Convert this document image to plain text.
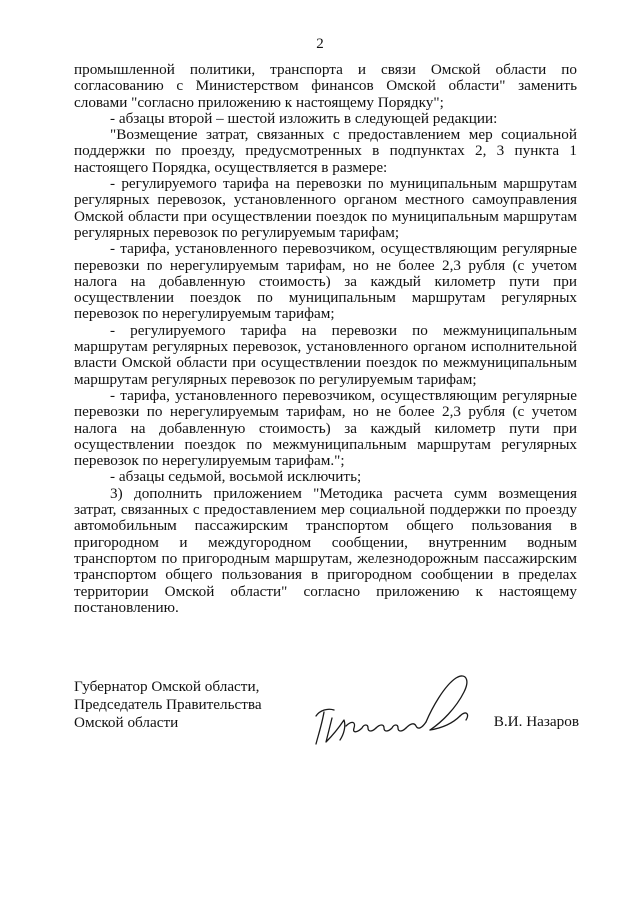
2

промышленной политики, транспорта и связи Омской области по согласованию с Министерством финансов Омской области" заменить словами "согласно приложению к настоящему Порядку";

- абзацы второй – шестой изложить в следующей редакции:

"Возмещение затрат, связанных с предоставлением мер социальной поддержки по проезду, предусмотренных в подпунктах 2, 3 пункта 1 настоящего Порядка, осуществляется в размере:

- регулируемого тарифа на перевозки по муниципальным маршрутам регулярных перевозок, установленного органом местного самоуправления Омской области при осуществлении поездок по муниципальным маршрутам регулярных перевозок по регулируемым тарифам;

- тарифа, установленного перевозчиком, осуществляющим регулярные перевозки по нерегулируемым тарифам, но не более 2,3 рубля (с учетом налога на добавленную стоимость) за каждый километр пути при осуществлении поездок по муниципальным маршрутам регулярных перевозок по нерегулируемым тарифам;

- регулируемого тарифа на перевозки по межмуниципальным маршрутам регулярных перевозок, установленного органом исполнительной власти Омской области при осуществлении поездок по межмуниципальным маршрутам регулярных перевозок по регулируемым тарифам;

- тарифа, установленного перевозчиком, осуществляющим регулярные перевозки по нерегулируемым тарифам, но не более 2,3 рубля (с учетом налога на добавленную стоимость) за каждый километр пути при осуществлении поездок по межмуниципальным маршрутам регулярных перевозок по нерегулируемым тарифам.";

- абзацы седьмой, восьмой исключить;

3) дополнить приложением "Методика расчета сумм возмещения затрат, связанных с предоставлением мер социальной поддержки по проезду автомобильным пассажирским транспортом общего пользования в пригородном и междугородном сообщении, внутренним водным транспортом по пригородным маршрутам, железнодорожным пассажирским транспортом общего пользования в пригородном сообщении в пределах территории Омской области" согласно приложению к настоящему постановлению.

Губернатор Омской области,
Председатель Правительства
Омской области	В.И. Назаров
